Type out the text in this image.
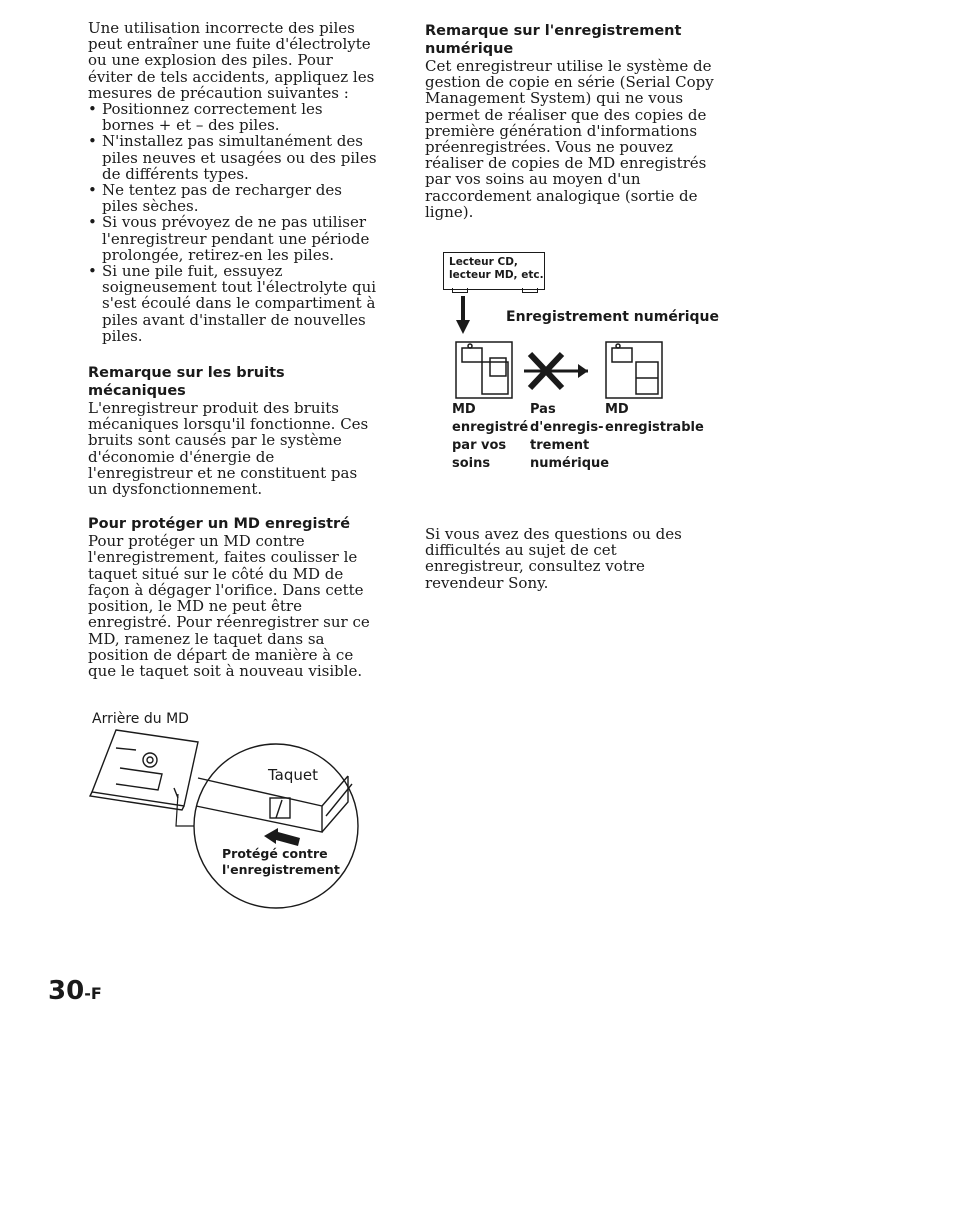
Une utilisation incorrecte des piles peut entraîner une fuite d'électrolyte ou une explosion des piles. Pour éviter de tels accidents, appliquez les mesures de précaution suivantes :

• Positionnez correctement les bornes + et – des piles.
• N'installez pas simultanément des piles neuves et usagées ou des piles de différents types.
• Ne tentez pas de recharger des piles sèches.
• Si vous prévoyez de ne pas utiliser l'enregistreur pendant une période prolongée, retirez-en les piles.
• Si une pile fuit, essuyez soigneusement tout l'électrolyte qui s'est écoulé dans le compartiment à piles avant d'installer de nouvelles piles.
Remarque sur les bruits mécaniques

L'enregistreur produit des bruits mécaniques lorsqu'il fonctionne. Ces bruits sont causés par le système d'économie d'énergie de l'enregistreur et ne constituent pas un dysfonctionnement.

Pour protéger un MD enregistré

Pour protéger un MD contre l'enregistrement, faites coulisser le taquet situé sur le côté du MD de façon à dégager l'orifice. Dans cette position, le MD ne peut être enregistré. Pour réenregistrer sur ce MD, ramenez le taquet dans sa position de départ de manière à ce que le taquet soit à nouveau visible.

Arrière du MD
Taquet
Protégé contre
l'enregistrement
Remarque sur l'enregistrement
numérique

Cet enregistreur utilise le système de gestion de copie en série (Serial Copy Management System) qui ne vous permet de réaliser que des copies de première génération d'informations préenregistrées. Vous ne pouvez réaliser de copies de MD enregistrés par vos soins au moyen d'un raccordement analogique (sortie de ligne).

Lecteur CD,
lecteur MD, etc.
Enregistrement numérique
MD
enregistré
par vos
soins
Pas
d'enregis-
trement
numérique
MD
enregistrable

Si vous avez des questions ou des difficultés au sujet de cet enregistreur, consultez votre revendeur Sony.

30-F
